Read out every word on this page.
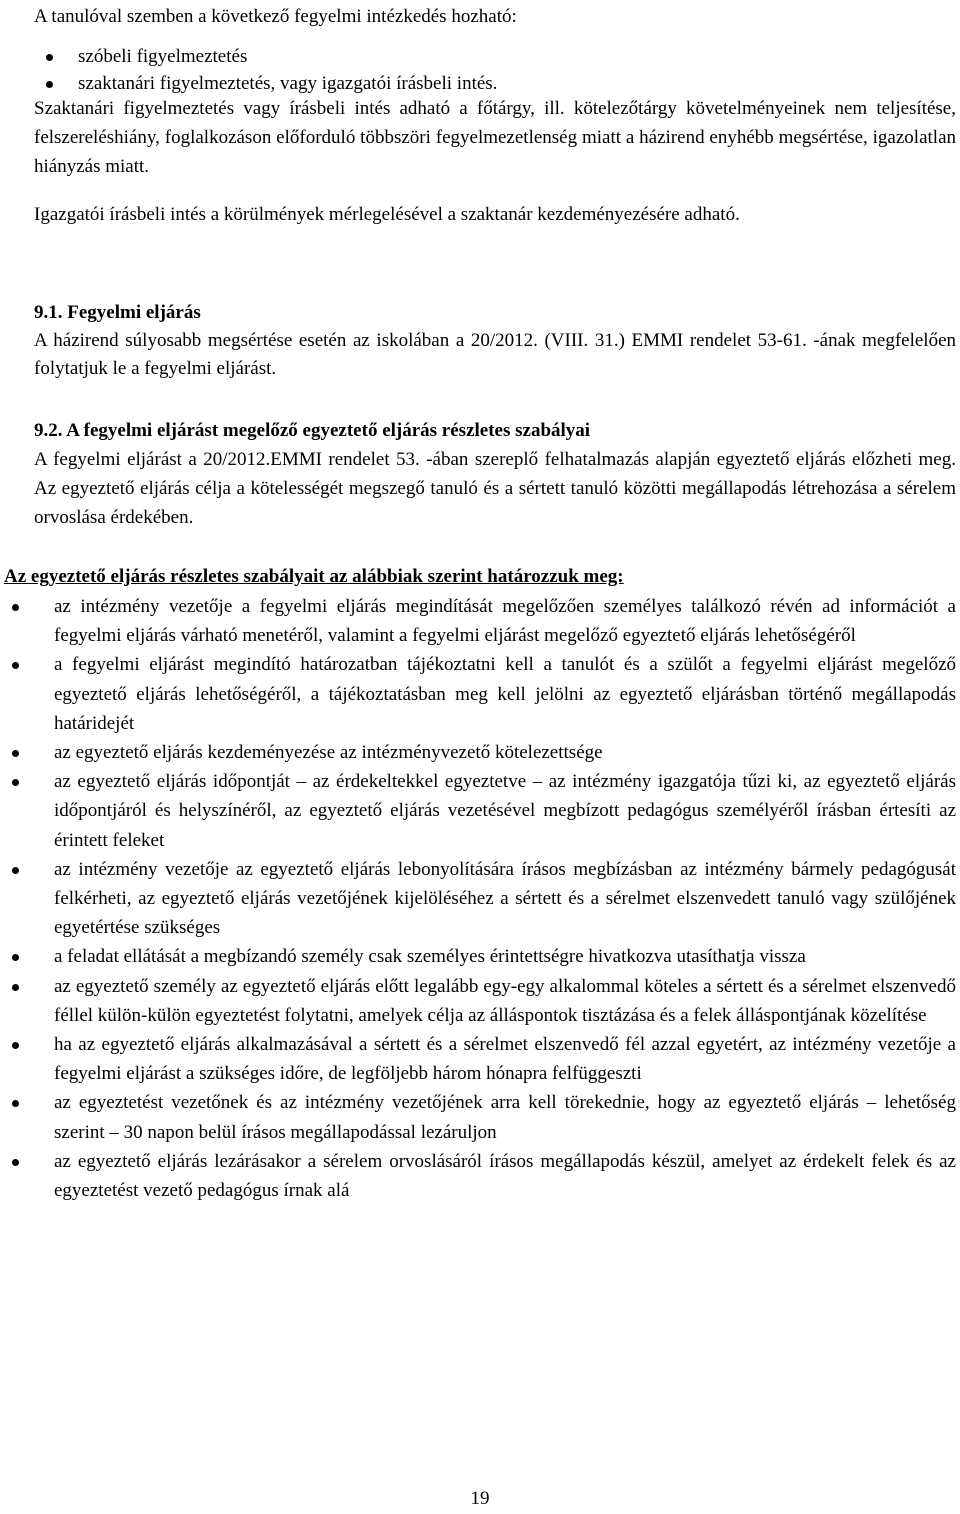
A tanulóval szemben a következő fegyelmi intézkedés hozható:

szóbeli figyelmeztetés
szaktanári figyelmeztetés, vagy igazgatói írásbeli intés.

Szaktanári figyelmeztetés vagy írásbeli intés adható a főtárgy, ill. kötelezőtárgy követelményeinek nem teljesítése, felszereléshiány, foglalkozáson előforduló többszöri fegyelmezetlenség miatt a házirend enyhébb megsértése, igazolatlan hiányzás miatt.

Igazgatói írásbeli intés a körülmények mérlegelésével a szaktanár kezdeményezésére adható.

9.1. Fegyelmi eljárás

A házirend súlyosabb megsértése esetén az iskolában a 20/2012. (VIII. 31.) EMMI rendelet 53-61. -ának megfelelően folytatjuk le a fegyelmi eljárást.

9.2. A fegyelmi eljárást megelőző egyeztető eljárás részletes szabályai

A fegyelmi eljárást a 20/2012.EMMI rendelet 53. -ában szereplő felhatalmazás alapján egyeztető eljárás előzheti meg. Az egyeztető eljárás célja a kötelességét megszegő tanuló és a sértett tanuló közötti megállapodás létrehozása a sérelem orvoslása érdekében.

Az egyeztető eljárás részletes szabályait az alábbiak szerint határozzuk meg:

az intézmény vezetője a fegyelmi eljárás megindítását megelőzően személyes találkozó révén ad információt a fegyelmi eljárás várható menetéről, valamint a fegyelmi eljárást megelőző egyeztető eljárás lehetőségéről
a fegyelmi eljárást megindító határozatban tájékoztatni kell a tanulót és a szülőt a fegyelmi eljárást megelőző egyeztető eljárás lehetőségéről, a tájékoztatásban meg kell jelölni az egyeztető eljárásban történő megállapodás határidejét
az egyeztető eljárás kezdeményezése az intézményvezető kötelezettsége
az egyeztető eljárás időpontját – az érdekeltekkel egyeztetve – az intézmény igazgatója tűzi ki, az egyeztető eljárás időpontjáról és helyszínéről, az egyeztető eljárás vezetésével megbízott pedagógus személyéről írásban értesíti az érintett feleket
az intézmény vezetője az egyeztető eljárás lebonyolítására írásos megbízásban az intézmény bármely pedagógusát felkérheti, az egyeztető eljárás vezetőjének kijelöléséhez a sértett és a sérelmet elszenvedett tanuló vagy szülőjének egyetértése szükséges
a feladat ellátását a megbízandó személy csak személyes érintettségre hivatkozva utasíthatja vissza
az egyeztető személy az egyeztető eljárás előtt legalább egy-egy alkalommal köteles a sértett és a sérelmet elszenvedő féllel külön-külön egyeztetést folytatni, amelyek célja az álláspontok tisztázása és a felek álláspontjának közelítése
ha az egyeztető eljárás alkalmazásával a sértett és a sérelmet elszenvedő fél azzal egyetért, az intézmény vezetője a fegyelmi eljárást a szükséges időre, de legföljebb három hónapra felfüggeszti
az egyeztetést vezetőnek és az intézmény vezetőjének arra kell törekednie, hogy az egyeztető eljárás – lehetőség szerint – 30 napon belül írásos megállapodással lezáruljon
az egyeztető eljárás lezárásakor a sérelem orvoslásáról írásos megállapodás készül, amelyet az érdekelt felek és az egyeztetést vezető pedagógus írnak alá
19
